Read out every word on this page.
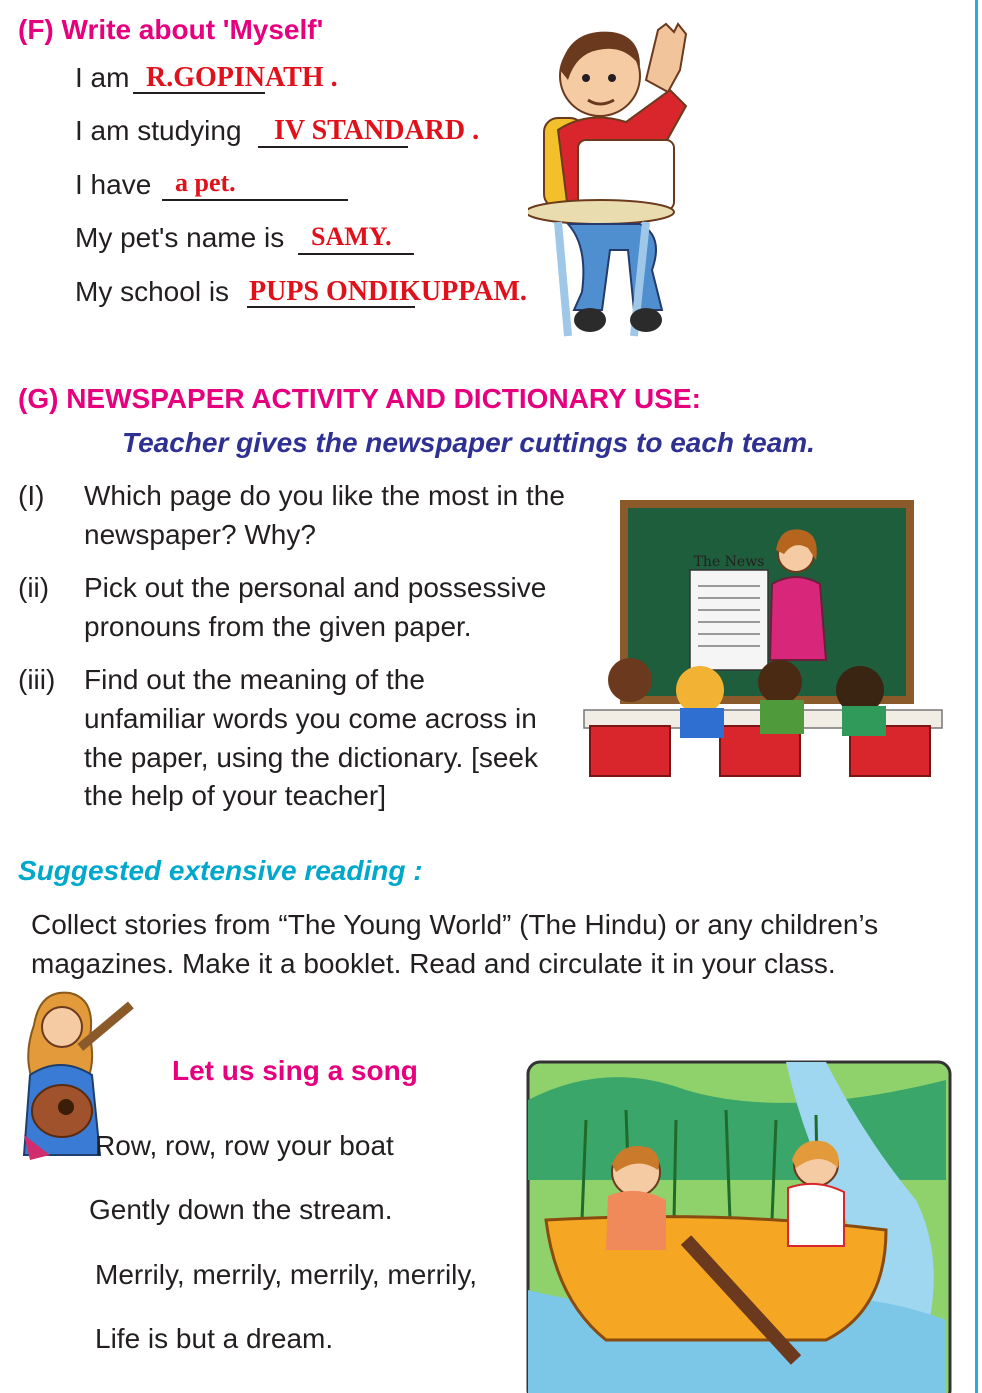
(F) Write about 'Myself'

I am R.GOPINATH .

I am studying IV STANDARD .

I have a pet.

My pet's name is SAMY.

My school is PUPS ONDIKUPPAM.

(G) NEWSPAPER ACTIVITY AND DICTIONARY USE:

Teacher gives the newspaper cuttings to each team.

(I) Which page do you like the most in the

newspaper? Why?

(ii) Pick out the personal and possessive

pronouns from the given paper.

(iii) Find out the meaning of the

unfamiliar words you come across in

the paper, using the dictionary. [seek

the help of your teacher]

The News

Suggested extensive reading :

Collect stories from “The Young World” (The Hindu) or any children’s

magazines. Make it a booklet. Read and circulate it in your class.

Let us sing a song

Row, row, row your boat

Gently down the stream.

Merrily, merrily, merrily, merrily,

Life is but a dream.
